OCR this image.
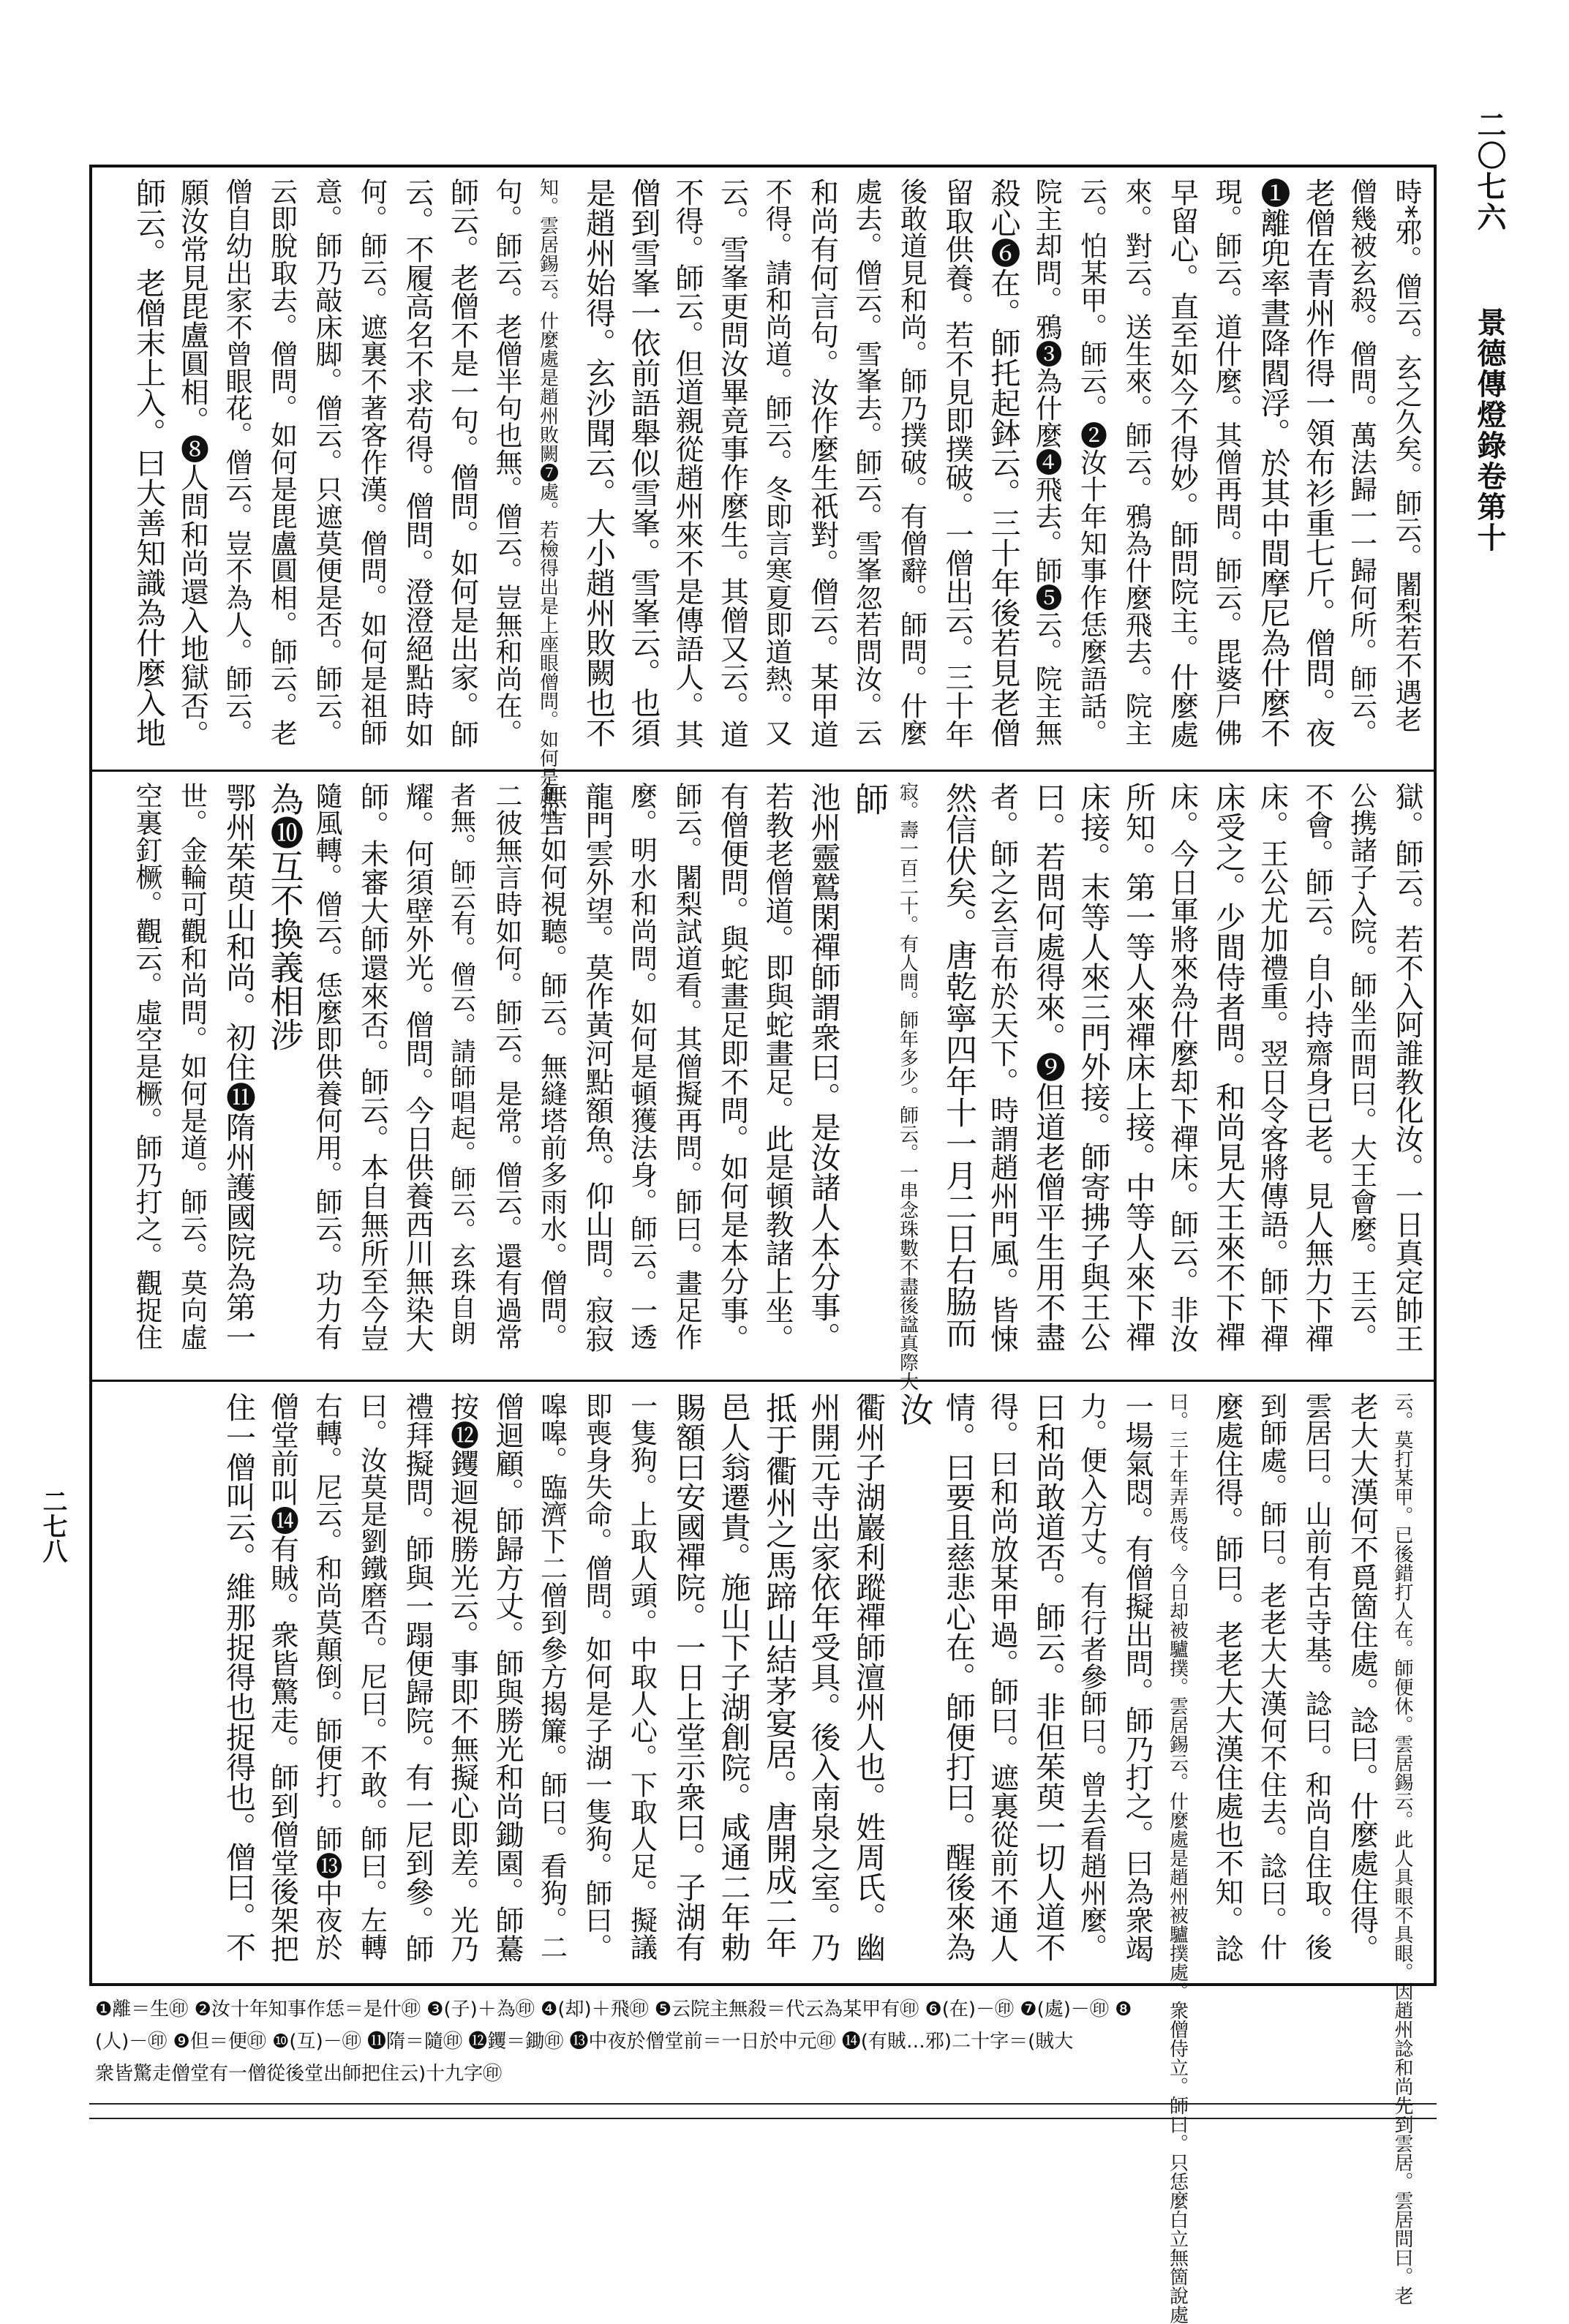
二〇七六
景德傳燈錄卷第十
二七八
時*邪。僧云。玄之久矣。師云。闍梨若不遇老
僧幾被玄殺。僧問。萬法歸一一歸何所。師云。
老僧在青州作得一領布衫重七斤。僧問。夜
❶離兜率晝降閻浮。於其中間摩尼為什麼不
現。師云。道什麼。其僧再問。師云。毘婆尸佛
早留心。直至如今不得妙。師問院主。什麼處
來。對云。送生來。師云。鴉為什麼飛去。院主
云。怕某甲。師云。❷汝十年知事作恁麼語話。
院主却問。鴉❸為什麼❹飛去。師❺云。院主無
殺心❻在。師托起鉢云。三十年後若見老僧
留取供養。若不見即撲破。一僧出云。三十年
後敢道見和尚。師乃撲破。有僧辭。師問。什麼
處去。僧云。雪峯去。師云。雪峯忽若問汝。云
和尚有何言句。汝作麼生祇對。僧云。某甲道
不得。請和尚道。師云。冬即言寒夏即道熱。又
云。雪峯更問汝畢竟事作麼生。其僧又云。道
不得。師云。但道親從趙州來不是傳語人。其
僧到雪峯一依前語舉似雪峯。雪峯云。也須
是趙州始得。玄沙聞云。大小趙州敗闕也不
知。雲居錫云。什麼處是趙州敗闕❼處。若檢得出是上座眼僧問。如何是趙州一
句。師云。老僧半句也無。僧云。豈無和尚在。
師云。老僧不是一句。僧問。如何是出家。師
云。不履高名不求苟得。僧問。澄澄絕點時如
何。師云。遮裏不著客作漢。僧問。如何是祖師
意。師乃敲床脚。僧云。只遮莫便是否。師云。
云即脫取去。僧問。如何是毘盧圓相。師云。老
僧自幼出家不曾眼花。僧云。豈不為人。師云。
願汝常見毘盧圓相。❽人問和尚還入地獄否。
師云。老僧末上入。曰大善知識為什麼入地
獄。師云。若不入阿誰教化汝。一日真定帥王
公携諸子入院。師坐而問曰。大王會麼。王云。
不會。師云。自小持齋身已老。見人無力下禪
床。王公尤加禮重。翌日令客將傳語。師下禪
床受之。少間侍者問。和尚見大王來不下禪
床。今日軍將來為什麼却下禪床。師云。非汝
所知。第一等人來禪床上接。中等人來下禪
床接。末等人來三門外接。師寄拂子與王公
曰。若問何處得來。❾但道老僧平生用不盡
者。師之玄言布於天下。時謂趙州門風。皆悚
然信伏矣。唐乾寧四年十一月二日右脇而
寂。壽一百二十。有人問。師年多少。師云。一串念珠數不盡後諡真際大
師
池州靈鷲閑禪師謂衆曰。是汝諸人本分事。
若教老僧道。即與蛇畫足。此是頓教諸上坐。
有僧便問。與蛇畫足即不問。如何是本分事。
師云。闍梨試道看。其僧擬再問。師曰。畫足作
麼。明水和尚問。如何是頓獲法身。師云。一透
龍門雲外望。莫作黃河點額魚。仰山問。寂寂
無言如何視聽。師云。無縫塔前多雨水。僧問。
二彼無言時如何。師云。是常。僧云。還有過常
者無。師云有。僧云。請師唱起。師云。玄珠自朗
耀。何須壁外光。僧問。今日供養西川無染大
師。未審大師還來否。師云。本自無所至今豈
隨風轉。僧云。恁麼即供養何用。師云。功力有
為❿互不換義相涉
鄂州茱萸山和尚。初住⓫隋州護國院為第一
世。金輪可觀和尚問。如何是道。師云。莫向虛
空裏釘橛。觀云。虛空是橛。師乃打之。觀捉住
云。莫打某甲。已後錯打人在。師便休。雲居錫云。此人具眼不具眼。因趙州諗和尚先到雲居。雲居問曰。老
老大大漢何不覓箇住處。諗曰。什麼處住得。
雲居曰。山前有古寺基。諗曰。和尚自住取。後
到師處。師曰。老老大大漢何不住去。諗曰。什
麼處住得。師曰。老老大大漢住處也不知。諗
曰。三十年弄馬伎。今日却被驢撲。雲居錫云。什麼處是趙州被驢撲處。衆僧侍立。師曰。只恁麼白立無箇說處
一場氣悶。有僧擬出問。師乃打之。曰為衆竭
力。便入方丈。有行者參師曰。曾去看趙州麼。
曰和尚敢道否。師云。非但茱萸一切人道不
得。曰和尚放某甲過。師曰。遮裏從前不通人
情。曰要且慈悲心在。師便打曰。醒後來為
汝
衢州子湖巖利蹤禪師澶州人也。姓周氏。幽
州開元寺出家依年受具。後入南泉之室。乃
抵于衢州之馬蹄山結茅宴居。唐開成二年
邑人翁遷貴。施山下子湖創院。咸通二年勅
賜額曰安國禪院。一日上堂示衆曰。子湖有
一隻狗。上取人頭。中取人心。下取人足。擬議
即喪身失命。僧問。如何是子湖一隻狗。師曰。
嗥嗥。臨濟下二僧到參方揭簾。師曰。看狗。二
僧迴顧。師歸方丈。師與勝光和尚鋤園。師驀
按⓬钁迴視勝光云。事即不無擬心即差。光乃
禮拜擬問。師與一蹋便歸院。有一尼到參。師
曰。汝莫是劉鐵磨否。尼曰。不敢。師曰。左轉
右轉。尼云。和尚莫顛倒。師便打。師⓭中夜於
僧堂前叫⓮有賊。衆皆驚走。師到僧堂後架把
住一僧叫云。維那捉得也捉得也。僧曰。不
❶離＝生㊞ ❷汝十年知事作恁＝是什㊞ ❸(子)＋為㊞ ❹(却)＋飛㊞ ❺云院主無殺＝代云為某甲有㊞ ❻(在)－㊞ ❼(處)－㊞ ❽
(人)－㊞ ❾但＝便㊞ ❿(互)－㊞ ⓫隋＝隨㊞ ⓬钁＝鋤㊞ ⓭中夜於僧堂前＝一日於中元㊞ ⓮(有賊…邪)二十字＝(賊大
衆皆驚走僧堂有一僧從後堂出師把住云)十九字㊞
